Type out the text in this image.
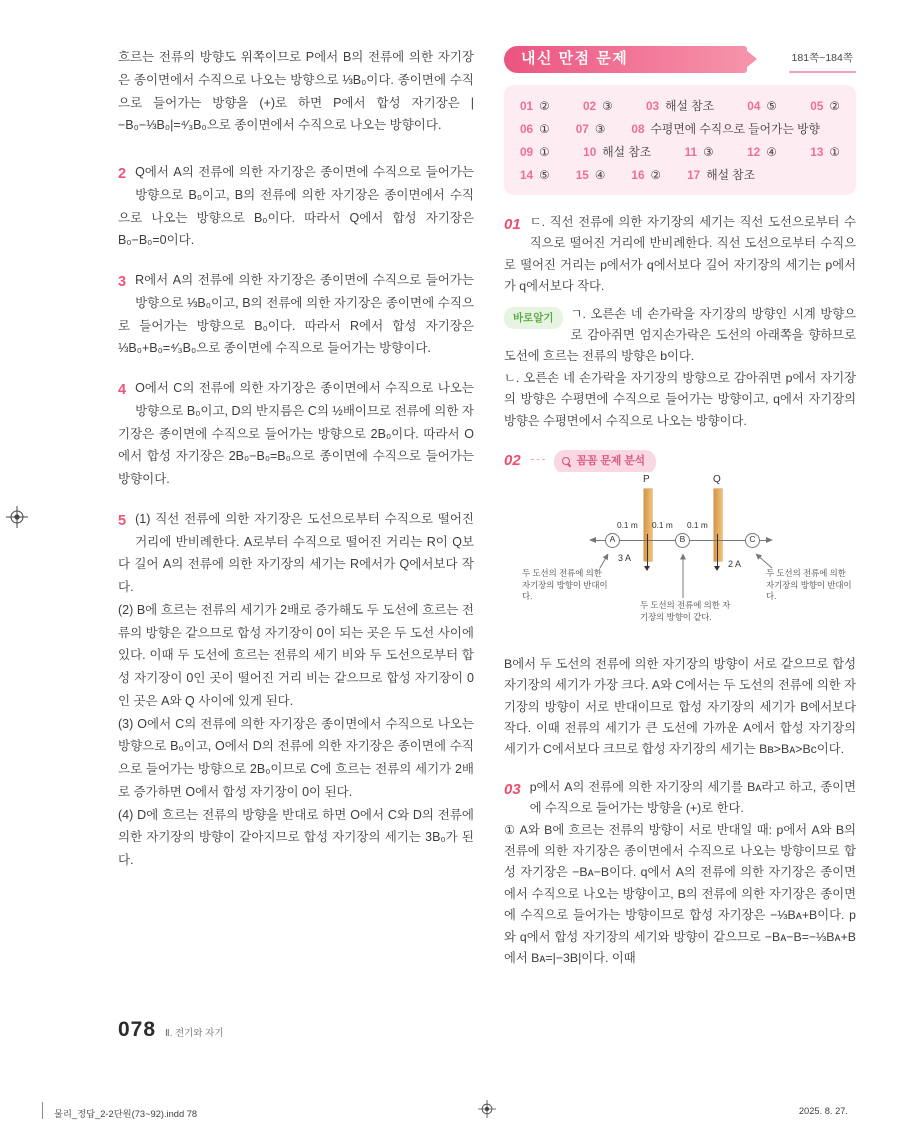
흐르는 전류의 방향도 위쪽이므로 P에서 B의 전류에 의한 자기장은 종이면에서 수직으로 나오는 방향으로 ⅓B₀이다. 종이면에 수직으로 들어가는 방향을 (+)로 하면 P에서 합성 자기장은 |−B₀−⅓B₀|=⁴⁄₃B₀으로 종이면에서 수직으로 나오는 방향이다.
2 Q에서 A의 전류에 의한 자기장은 종이면에 수직으로 들어가는 방향으로 B₀이고, B의 전류에 의한 자기장은 종이면에서 수직으로 나오는 방향으로 B₀이다. 따라서 Q에서 합성 자기장은 B₀−B₀=0이다.
3 R에서 A의 전류에 의한 자기장은 종이면에 수직으로 들어가는 방향으로 ⅓B₀이고, B의 전류에 의한 자기장은 종이면에 수직으로 들어가는 방향으로 B₀이다. 따라서 R에서 합성 자기장은 ⅓B₀+B₀=⁴⁄₃B₀으로 종이면에 수직으로 들어가는 방향이다.
4 O에서 C의 전류에 의한 자기장은 종이면에서 수직으로 나오는 방향으로 B₀이고, D의 반지름은 C의 ½배이므로 전류에 의한 자기장은 종이면에 수직으로 들어가는 방향으로 2B₀이다. 따라서 O에서 합성 자기장은 2B₀−B₀=B₀으로 종이면에 수직으로 들어가는 방향이다.
5 (1) 직선 전류에 의한 자기장은 도선으로부터 수직으로 떨어진 거리에 반비례한다. A로부터 수직으로 떨어진 거리는 R이 Q보다 길어 A의 전류에 의한 자기장의 세기는 R에서가 Q에서보다 작다.
(2) B에 흐르는 전류의 세기가 2배로 증가해도 두 도선에 흐르는 전류의 방향은 같으므로 합성 자기장이 0이 되는 곳은 두 도선 사이에 있다. 이때 두 도선에 흐르는 전류의 세기 비와 두 도선으로부터 합성 자기장이 0인 곳이 떨어진 거리 비는 같으므로 합성 자기장이 0인 곳은 A와 Q 사이에 있게 된다.
(3) O에서 C의 전류에 의한 자기장은 종이면에서 수직으로 나오는 방향으로 B₀이고, O에서 D의 전류에 의한 자기장은 종이면에 수직으로 들어가는 방향으로 2B₀이므로 C에 흐르는 전류의 세기가 2배로 증가하면 O에서 합성 자기장이 0이 된다.
(4) D에 흐르는 전류의 방향을 반대로 하면 O에서 C와 D의 전류에 의한 자기장의 방향이 같아지므로 합성 자기장의 세기는 3B₀가 된다.
078 Ⅱ. 전기와 자기
내신 만점 문제	181쪽~184쪽
01 ②	02 ③	03 해설 참조	04 ⑤	05 ②
06 ① 07 ③ 08 수평면에 수직으로 들어가는 방향
09 ①	10 해설 참조	11 ③	12 ④	13 ①
14 ⑤ 15 ④ 16 ② 17 해설 참조
01 ㄷ. 직선 전류에 의한 자기장의 세기는 직선 도선으로부터 수직으로 떨어진 거리에 반비례한다. 직선 도선으로부터 수직으로 떨어진 거리는 p에서가 q에서보다 길어 자기장의 세기는 p에서가 q에서보다 작다.
바로알기	ㄱ. 오른손 네 손가락을 자기장의 방향인 시계 방향으로 감아쥐면 엄지손가락은 도선의 아래쪽을 향하므로 도선에 흐르는 전류의 방향은 b이다.
ㄴ. 오른손 네 손가락을 자기장의 방향으로 감아쥐면 p에서 자기장의 방향은 수평면에 수직으로 들어가는 방향이고, q에서 자기장의 방향은 수평면에서 수직으로 나오는 방향이다.
02	꼼꼼 문제 분석
P	Q
0.1 m 0.1 m 0.1 m
A	B	C
3 A
2 A
두 도선의 전류에 의한 자기장의 방향이 반대이다.
두 도선의 전류에 의한 자기장의 방향이 같다.
두 도선의 전류에 의한 자기장의 방향이 반대이다.
B에서 두 도선의 전류에 의한 자기장의 방향이 서로 같으므로 합성 자기장의 세기가 가장 크다. A와 C에서는 두 도선의 전류에 의한 자기장의 방향이 서로 반대이므로 합성 자기장의 세기가 B에서보다 작다. 이때 전류의 세기가 큰 도선에 가까운 A에서 합성 자기장의 세기가 C에서보다 크므로 합성 자기장의 세기는 Bʙ>Bᴀ>Bᴄ이다.
03 p에서 A의 전류에 의한 자기장의 세기를 Bᴀ라고 하고, 종이면에 수직으로 들어가는 방향을 (+)로 한다.
① A와 B에 흐르는 전류의 방향이 서로 반대일 때: p에서 A와 B의 전류에 의한 자기장은 종이면에서 수직으로 나오는 방향이므로 합성 자기장은 −Bᴀ−B이다. q에서 A의 전류에 의한 자기장은 종이면에서 수직으로 나오는 방향이고, B의 전류에 의한 자기장은 종이면에 수직으로 들어가는 방향이므로 합성 자기장은 −⅓Bᴀ+B이다. p와 q에서 합성 자기장의 세기와 방향이 같으므로 −Bᴀ−B=−⅓Bᴀ+B에서 Bᴀ=|−3B|이다. 이때
물리_정답_2-2단원(73~92).indd 78	2025. 8. 27.
